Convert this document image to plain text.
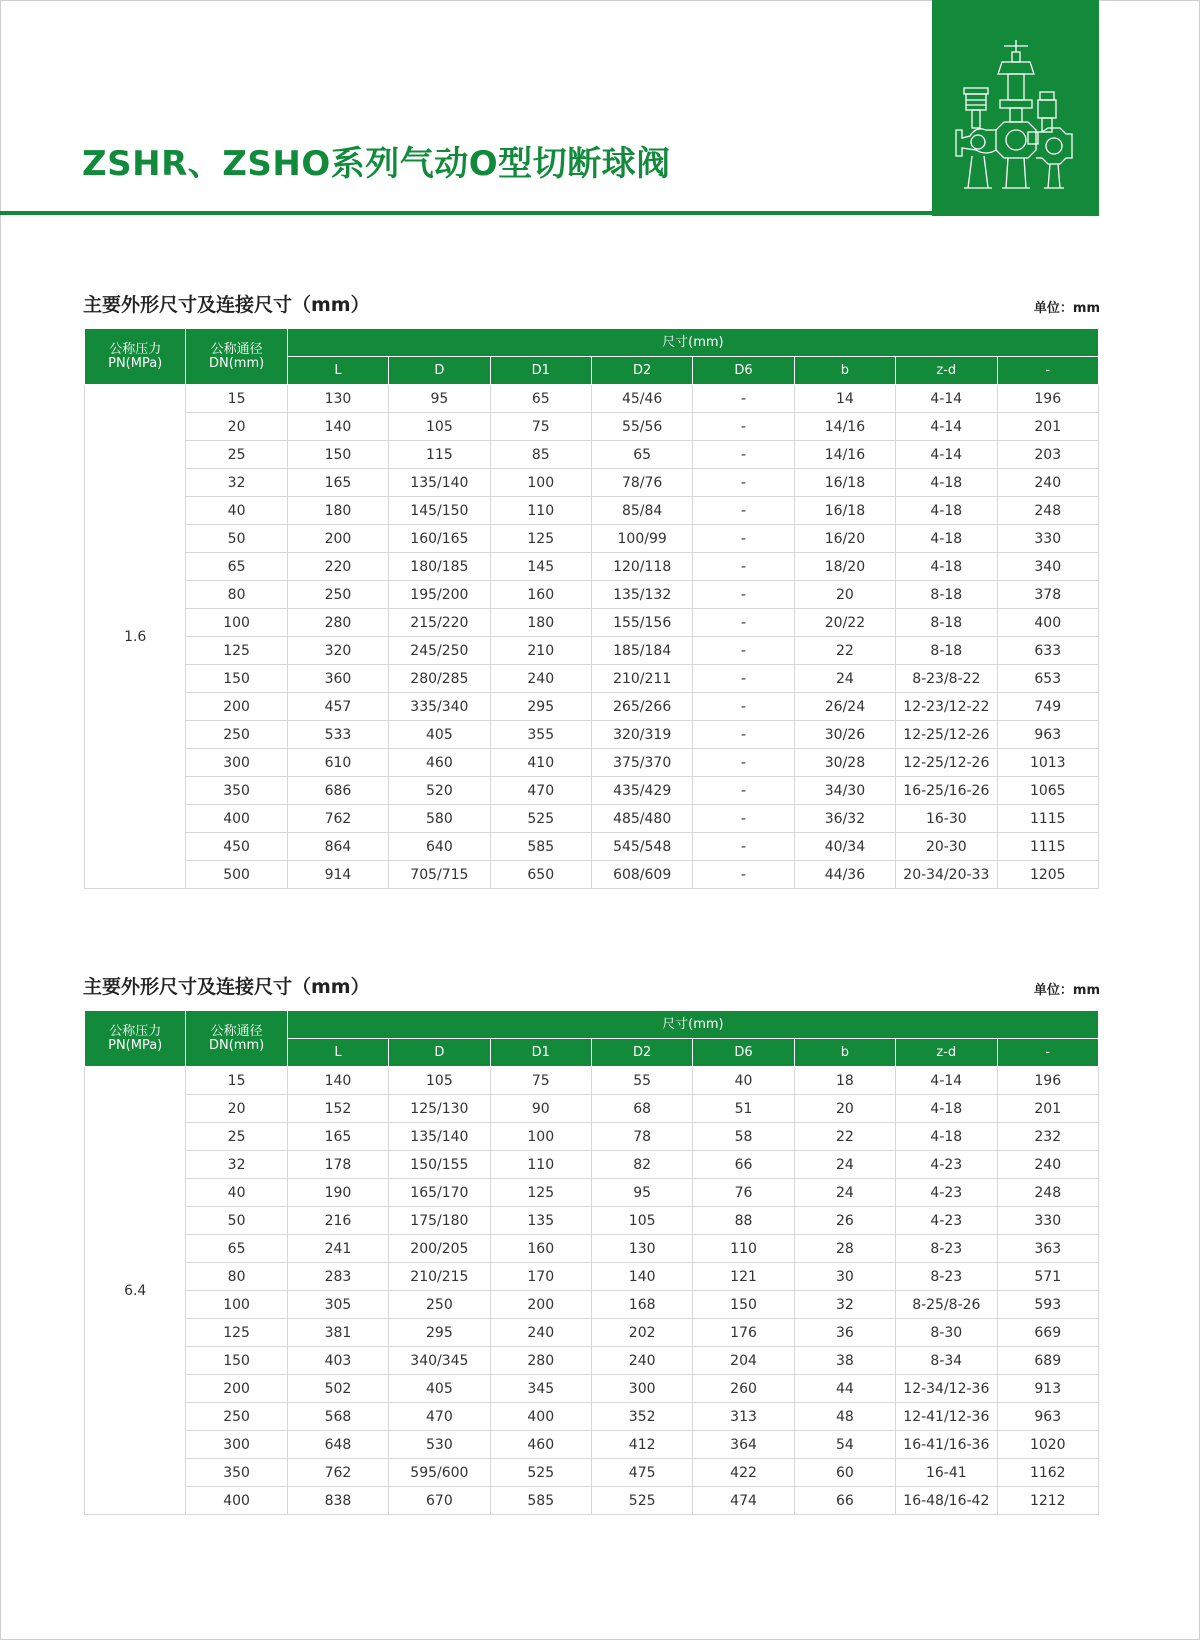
ZSHR、ZSHO系列气动O型切断球阀
主要外形尺寸及连接尺寸（mm）	单位：mm
公称压力
PN(MPa)	公称通径
DN(mm)	尺寸(mm)							
		L	D	D1	D2	D6	b	z-d	-
1.6	15	130	95	65	45/46	-	14	4-14	196
	20	140	105	75	55/56	-	14/16	4-14	201
	25	150	115	85	65	-	14/16	4-14	203
	32	165	135/140	100	78/76	-	16/18	4-18	240
	40	180	145/150	110	85/84	-	16/18	4-18	248
	50	200	160/165	125	100/99	-	16/20	4-18	330
	65	220	180/185	145	120/118	-	18/20	4-18	340
	80	250	195/200	160	135/132	-	20	8-18	378
	100	280	215/220	180	155/156	-	20/22	8-18	400
	125	320	245/250	210	185/184	-	22	8-18	633
	150	360	280/285	240	210/211	-	24	8-23/8-22	653
	200	457	335/340	295	265/266	-	26/24	12-23/12-22	749
	250	533	405	355	320/319	-	30/26	12-25/12-26	963
	300	610	460	410	375/370	-	30/28	12-25/12-26	1013
	350	686	520	470	435/429	-	34/30	16-25/16-26	1065
	400	762	580	525	485/480	-	36/32	16-30	1115
	450	864	640	585	545/548	-	40/34	20-30	1115
	500	914	705/715	650	608/609	-	44/36	20-34/20-33	1205
主要外形尺寸及连接尺寸（mm）	单位：mm
公称压力
PN(MPa)	公称通径
DN(mm)	尺寸(mm)							
		L	D	D1	D2	D6	b	z-d	-
6.4	15	140	105	75	55	40	18	4-14	196
	20	152	125/130	90	68	51	20	4-18	201
	25	165	135/140	100	78	58	22	4-18	232
	32	178	150/155	110	82	66	24	4-23	240
	40	190	165/170	125	95	76	24	4-23	248
	50	216	175/180	135	105	88	26	4-23	330
	65	241	200/205	160	130	110	28	8-23	363
	80	283	210/215	170	140	121	30	8-23	571
	100	305	250	200	168	150	32	8-25/8-26	593
	125	381	295	240	202	176	36	8-30	669
	150	403	340/345	280	240	204	38	8-34	689
	200	502	405	345	300	260	44	12-34/12-36	913
	250	568	470	400	352	313	48	12-41/12-36	963
	300	648	530	460	412	364	54	16-41/16-36	1020
	350	762	595/600	525	475	422	60	16-41	1162
	400	838	670	585	525	474	66	16-48/16-42	1212
